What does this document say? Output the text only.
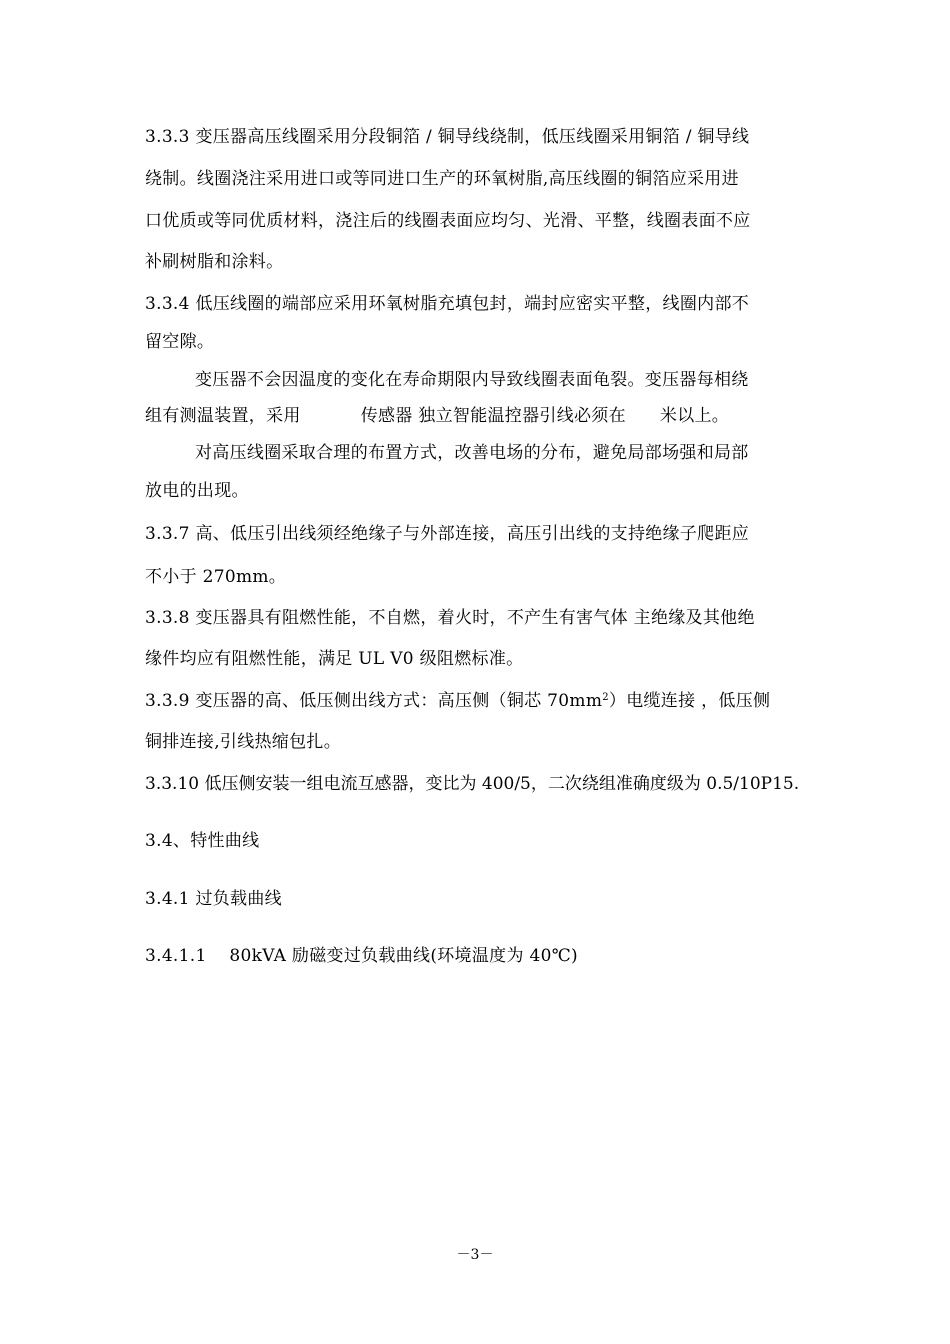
3.3.3 变压器高压线圈采用分段铜箔 / 铜导线绕制，低压线圈采用铜箔 / 铜导线
绕制。线圈浇注采用进口或等同进口生产的环氧树脂,高压线圈的铜箔应采用进
口优质或等同优质材料，浇注后的线圈表面应均匀、光滑、平整，线圈表面不应
补刷树脂和涂料。
3.3.4 低压线圈的端部应采用环氧树脂充填包封，端封应密实平整，线圈内部不
留空隙。
变压器不会因温度的变化在寿命期限内导致线圈表面龟裂。变压器每相绕
组有测温装置，采用	传感器 独立智能温控器引线必须在 米以上。
对高压线圈采取合理的布置方式，改善电场的分布，避免局部场强和局部
放电的出现。
3.3.7 高、低压引出线须经绝缘子与外部连接，高压引出线的支持绝缘子爬距应
不小于 270mm。
3.3.8 变压器具有阻燃性能，不自燃，着火时，不产生有害气体 主绝缘及其他绝
缘件均应有阻燃性能，满足 UL V0 级阻燃标准。
3.3.9 变压器的高、低压侧出线方式：高压侧（铜芯 $70mm^2$）电缆连接 ，低压侧
铜排连接,引线热缩包扎。
3.3.10 低压侧安装一组电流互感器，变比为 400/5，二次绕组准确度级为 0.5/10P15.
3.4、特性曲线
3.4.1 过负载曲线
3.4.1.1    80kVA 励磁变过负载曲线(环境温度为 40℃)
－3－
